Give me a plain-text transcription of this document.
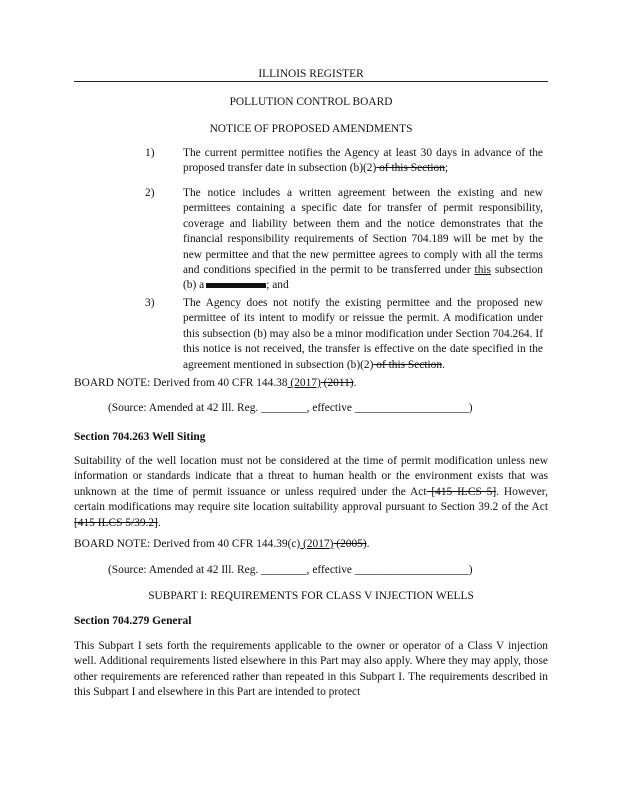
ILLINOIS REGISTER
POLLUTION CONTROL BOARD
NOTICE OF PROPOSED AMENDMENTS
1)	The current permittee notifies the Agency at least 30 days in advance of the proposed transfer date in subsection (b)(2) of this Section;
2)	The notice includes a written agreement between the existing and new permittees containing a specific date for transfer of permit responsibility, coverage and liability between them and the notice demonstrates that the financial responsibility requirements of Section 704.189 will be met by the new permittee and that the new permittee agrees to comply with all the terms and conditions specified in the permit to be transferred under this subsection (b) a	; and
3)	The Agency does not notify the existing permittee and the proposed new permittee of its intent to modify or reissue the permit. A modification under this subsection (b) may also be a minor modification under Section 704.264. If this notice is not received, the transfer is effective on the date specified in the agreement mentioned in subsection (b)(2) of this Section.
BOARD NOTE: Derived from 40 CFR 144.38 (2017) (2011).
(Source: Amended at 42 Ill. Reg. ________, effective ____________________)
Section 704.263 Well Siting
Suitability of the well location must not be considered at the time of permit modification unless new information or standards indicate that a threat to human health or the environment exists that was unknown at the time of permit issuance or unless required under the Act [415 ILCS 5]. However, certain modifications may require site location suitability approval pursuant to Section 39.2 of the Act [415 ILCS 5/39.2].
BOARD NOTE: Derived from 40 CFR 144.39(c) (2017) (2005).
(Source: Amended at 42 Ill. Reg. ________, effective ____________________)
SUBPART I: REQUIREMENTS FOR CLASS V INJECTION WELLS
Section 704.279 General
This Subpart I sets forth the requirements applicable to the owner or operator of a Class V injection well. Additional requirements listed elsewhere in this Part may also apply. Where they may apply, those other requirements are referenced rather than repeated in this Subpart I. The requirements described in this Subpart I and elsewhere in this Part are intended to protect
